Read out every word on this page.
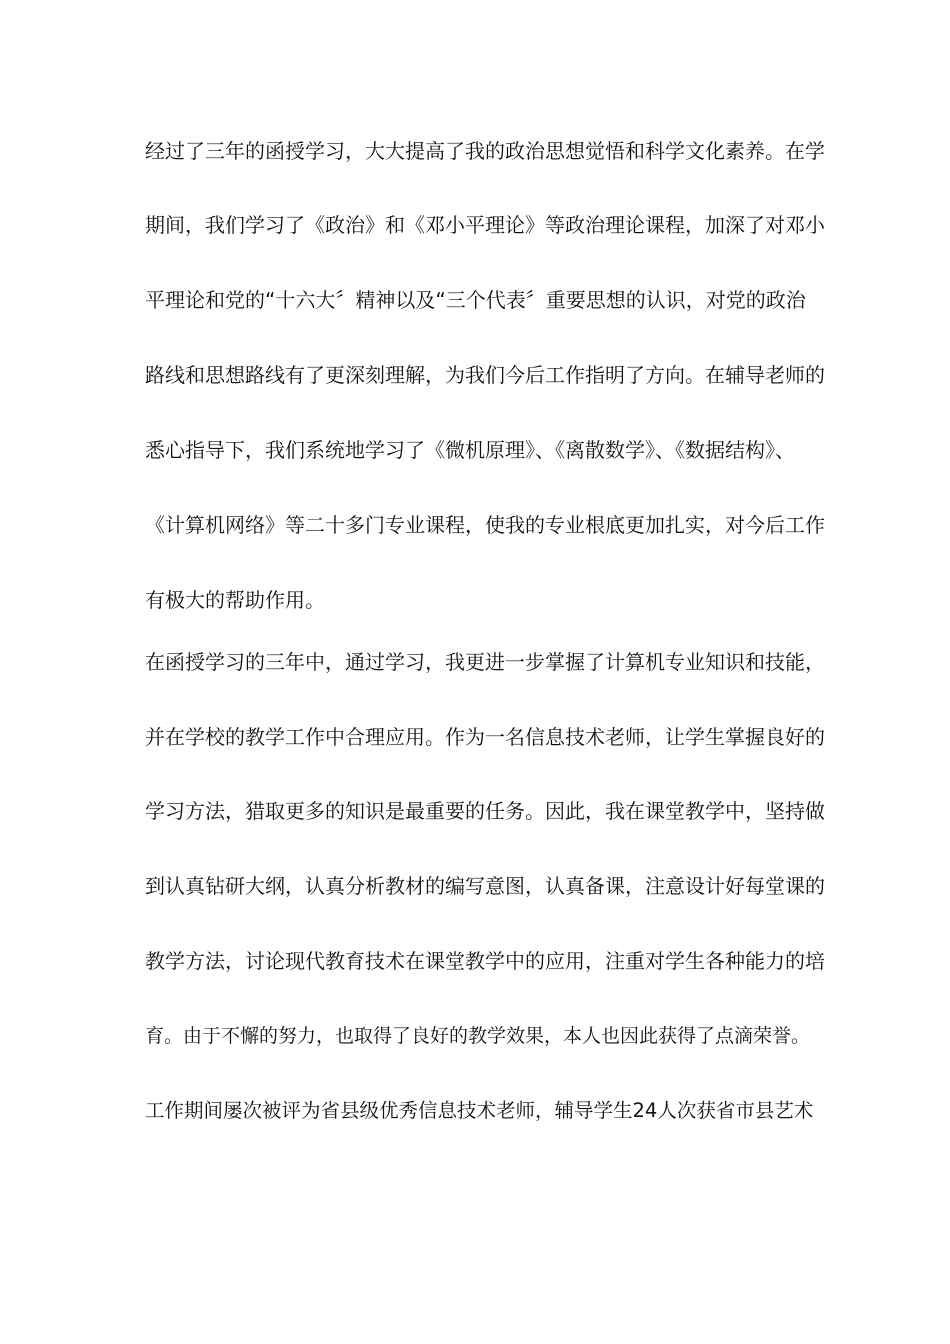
经过了三年的函授学习，大大提高了我的政治思想觉悟和科学文化素养。在学
期间，我们学习了《政治》和《邓小平理论》等政治理论课程，加深了对邓小
平理论和党的“十六大〞精神以及“三个代表〞重要思想的认识，对党的政治
路线和思想路线有了更深刻理解，为我们今后工作指明了方向。在辅导老师的
悉心指导下，我们系统地学习了《微机原理》、《离散数学》、《数据结构》、
《计算机网络》等二十多门专业课程，使我的专业根底更加扎实，对今后工作
有极大的帮助作用。
在函授学习的三年中，通过学习，我更进一步掌握了计算机专业知识和技能，
并在学校的教学工作中合理应用。作为一名信息技术老师，让学生掌握良好的
学习方法，猎取更多的知识是最重要的任务。因此，我在课堂教学中，坚持做
到认真钻研大纲，认真分析教材的编写意图，认真备课，注意设计好每堂课的
教学方法，讨论现代教育技术在课堂教学中的应用，注重对学生各种能力的培
育。由于不懈的努力，也取得了良好的教学效果，本人也因此获得了点滴荣誉。
工作期间屡次被评为省县级优秀信息技术老师，辅导学生24人次获省市县艺术
